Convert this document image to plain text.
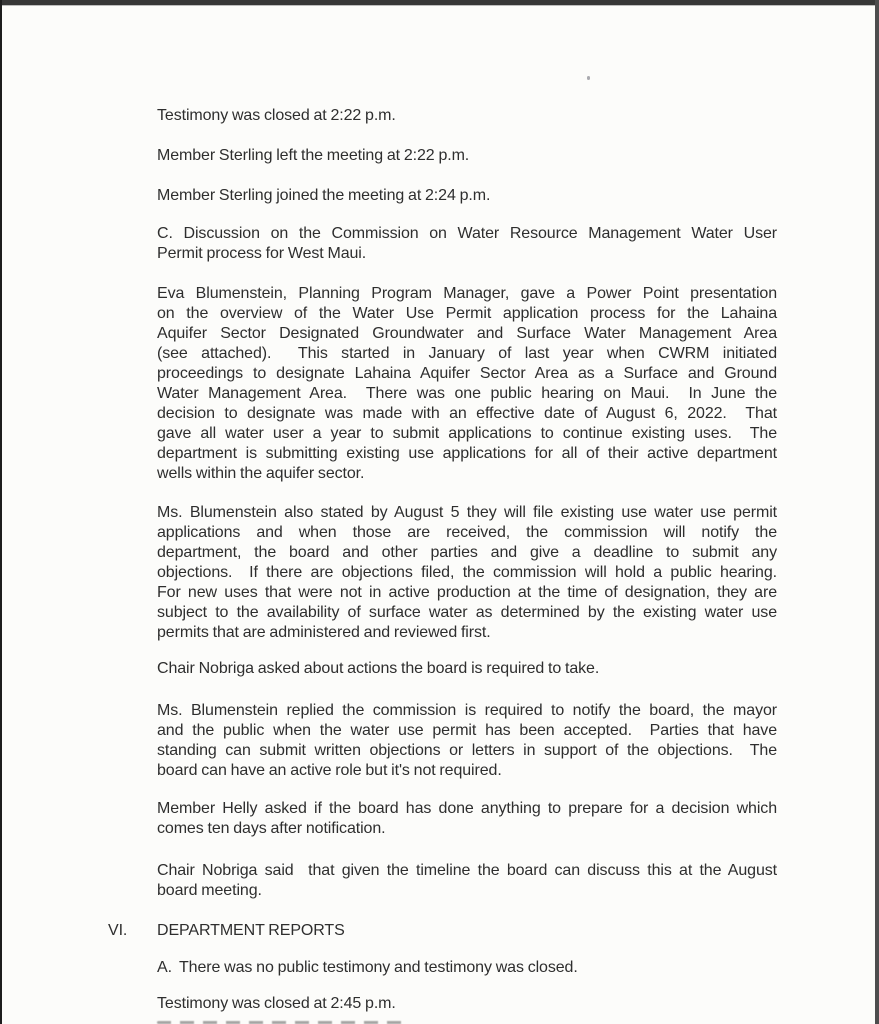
Testimony was closed at 2:22 p.m.

Member Sterling left the meeting at 2:22 p.m.

Member Sterling joined the meeting at 2:24 p.m.

C. Discussion on the Commission on Water Resource Management Water User
Permit process for West Maui.

Eva Blumenstein, Planning Program Manager, gave a Power Point presentation
on the overview of the Water Use Permit application process for the Lahaina
Aquifer Sector Designated Groundwater and Surface Water Management Area
(see attached).  This started in January of last year when CWRM initiated
proceedings to designate Lahaina Aquifer Sector Area as a Surface and Ground
Water Management Area.  There was one public hearing on Maui.  In June the
decision to designate was made with an effective date of August 6, 2022.  That
gave all water user a year to submit applications to continue existing uses.  The
department is submitting existing use applications for all of their active department
wells within the aquifer sector.

Ms. Blumenstein also stated by August 5 they will file existing use water use permit
applications and when those are received, the commission will notify the
department, the board and other parties and give a deadline to submit any
objections.  If there are objections filed, the commission will hold a public hearing.
For new uses that were not in active production at the time of designation, they are
subject to the availability of surface water as determined by the existing water use
permits that are administered and reviewed first.

Chair Nobriga asked about actions the board is required to take.

Ms. Blumenstein replied the commission is required to notify the board, the mayor
and the public when the water use permit has been accepted.  Parties that have
standing can submit written objections or letters in support of the objections.  The
board can have an active role but it's not required.

Member Helly asked if the board has done anything to prepare for a decision which
comes ten days after notification.

Chair Nobriga said  that given the timeline the board can discuss this at the August
board meeting.

VI. DEPARTMENT REPORTS

A. There was no public testimony and testimony was closed.

Testimony was closed at 2:45 p.m.
